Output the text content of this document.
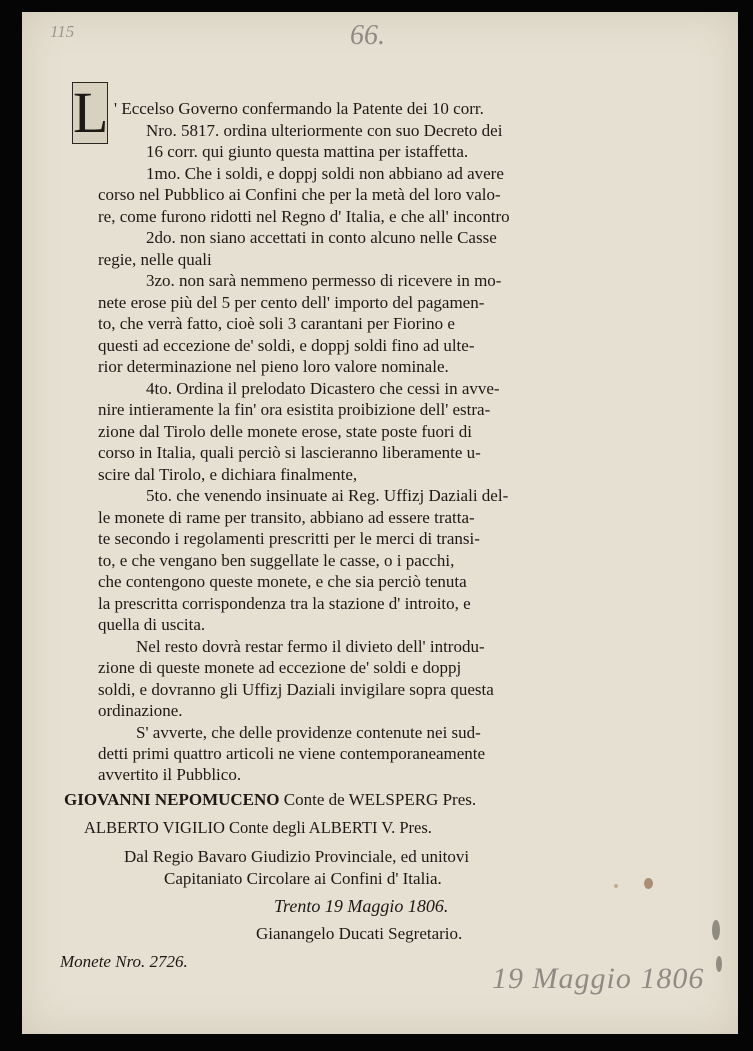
115	66.
19 Maggio 1806
L ' Eccelso Governo confermando la Patente dei 10 corr.
Nro. 5817. ordina ulteriormente con suo Decreto dei
16 corr. qui giunto questa mattina per istaffetta.
1mo. Che i soldi, e doppj soldi non abbiano ad avere
corso nel Pubblico ai Confini che per la metà del loro valo-
re, come furono ridotti nel Regno d' Italia, e che all' incontro
2do. non siano accettati in conto alcuno nelle Casse
regie, nelle quali
3zo. non sarà nemmeno permesso di ricevere in mo-
nete erose più del 5 per cento dell' importo del pagamen-
to, che verrà fatto, cioè soli 3 carantani per Fiorino e
questi ad eccezione de' soldi, e doppj soldi fino ad ulte-
rior determinazione nel pieno loro valore nominale.
4to. Ordina il prelodato Dicastero che cessi in avve-
nire intieramente la fin' ora esistita proibizione dell' estra-
zione dal Tirolo delle monete erose, state poste fuori di
corso in Italia, quali perciò si lascieranno liberamente u-
scire dal Tirolo, e dichiara finalmente,
5to. che venendo insinuate ai Reg. Uffizj Daziali del-
le monete di rame per transito, abbiano ad essere tratta-
te secondo i regolamenti prescritti per le merci di transi-
to, e che vengano ben suggellate le casse, o i pacchi,
che contengono queste monete, e che sia perciò tenuta
la prescritta corrispondenza tra la stazione d' introito, e
quella di uscita.
Nel resto dovrà restar fermo il divieto dell' introdu-
zione di queste monete ad eccezione de' soldi e doppj
soldi, e dovranno gli Uffizj Daziali invigilare sopra questa
ordinazione.
S' avverte, che delle providenze contenute nei sud-
detti primi quattro articoli ne viene contemporaneamente
avvertito il Pubblico.
GIOVANNI NEPOMUCENO Conte de WELSPERG Pres.
ALBERTO VIGILIO Conte degli ALBERTI V. Pres.
Dal Regio Bavaro Giudizio Provinciale, ed unitovi
Capitaniato Circolare ai Confini d' Italia.
Trento 19 Maggio 1806.
Gianangelo Ducati Segretario.
Monete Nro. 2726.
